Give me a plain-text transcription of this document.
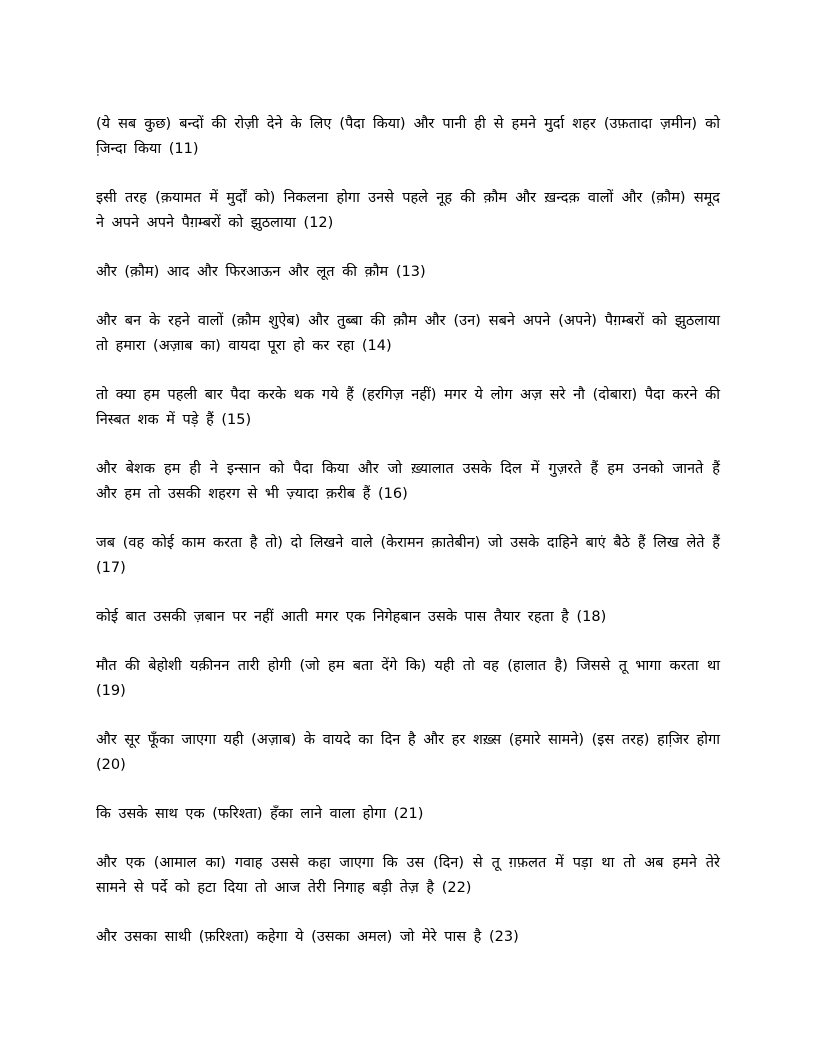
(ये सब कुछ) बन्दों की रोज़ी देने के लिए (पैदा किया) और पानी ही से हमने मुर्दा शहर (उफ़तादा ज़मीन) को जि़न्दा किया (11)

इसी तरह (क़यामत में मुर्दों को) निकलना होगा उनसे पहले नूह की क़ौम और ख़न्दक़ वालों और (क़ौम) समूद ने अपने अपने पैग़म्बरों को झुठलाया (12)

और (क़ौम) आद और फिरआऊन और लूत की क़ौम (13)

और बन के रहने वालों (क़ौम शुऐब) और तुब्बा की क़ौम और (उन) सबने अपने (अपने) पैग़म्बरों को झुठलाया तो हमारा (अज़ाब का) वायदा पूरा हो कर रहा (14)

तो क्या हम पहली बार पैदा करके थक गये हैं (हरगिज़ नहीं) मगर ये लोग अज़ सरे नौ (दोबारा) पैदा करने की निस्बत शक में पड़े हैं (15)

और बेशक हम ही ने इन्सान को पैदा किया और जो ख़्यालात उसके दिल में गुज़रते हैं हम उनको जानते हैं और हम तो उसकी शहरग से भी ज़्यादा क़रीब हैं (16)

जब (वह कोई काम करता है तो) दो लिखने वाले (केरामन क़ातेबीन) जो उसके दाहिने बाएं बैठे हैं लिख लेते हैं (17)

कोई बात उसकी ज़बान पर नहीं आती मगर एक निगेहबान उसके पास तैयार रहता है (18)

मौत की बेहोशी यक़ीनन तारी होगी (जो हम बता देंगे कि) यही तो वह (हालात है) जिससे तू भागा करता था (19)

और सूर फूँका जाएगा यही (अज़ाब) के वायदे का दिन है और हर शख़्स (हमारे सामने) (इस तरह) हाजि़र होगा (20)

कि उसके साथ एक (फरिश्ता) हँका लाने वाला होगा (21)

और एक (आमाल का) गवाह उससे कहा जाएगा कि उस (दिन) से तू ग़फ़लत में पड़ा था तो अब हमने तेरे सामने से पर्दे को हटा दिया तो आज तेरी निगाह बड़ी तेज़ है (22)

और उसका साथी (फ़रिश्ता) कहेगा ये (उसका अमल) जो मेरे पास है (23)
